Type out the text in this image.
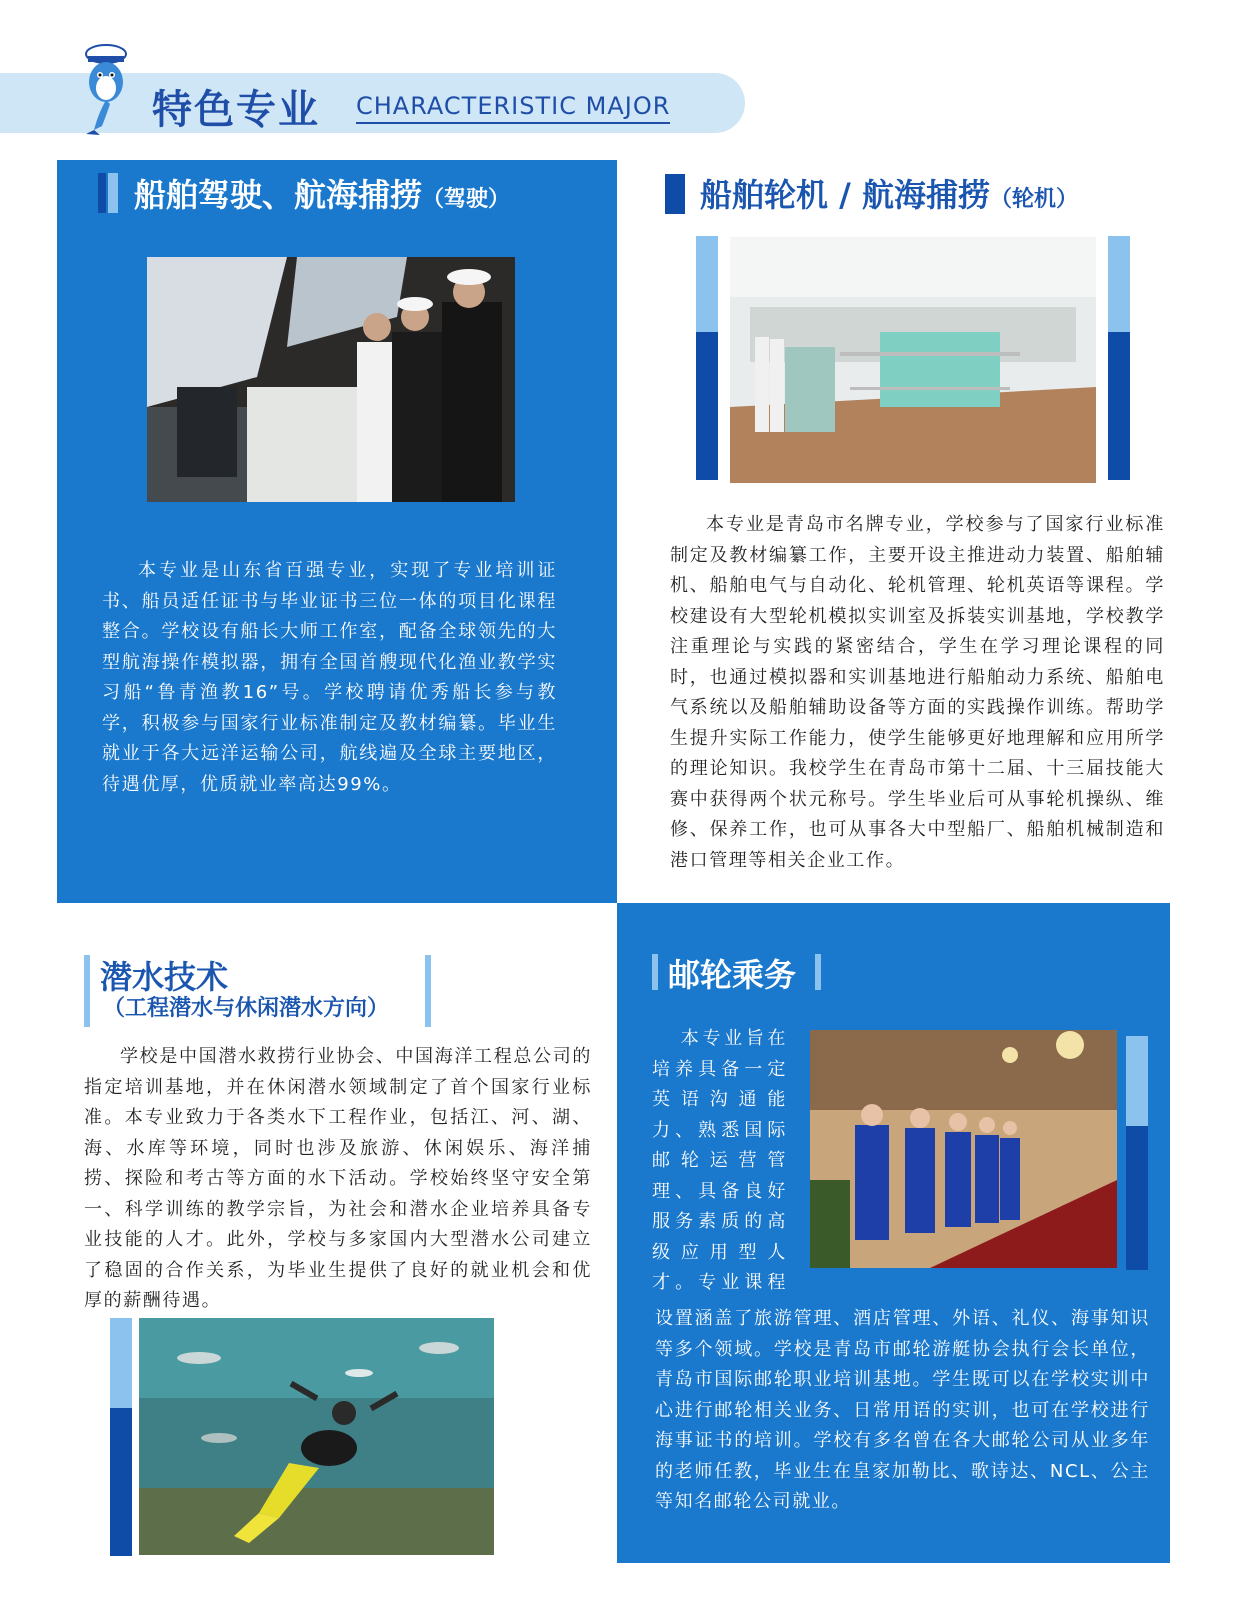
特色专业 CHARACTERISTIC MAJOR
船舶驾驶、航海捕捞（驾驶）

本专业是山东省百强专业，实现了专业培训证书、船员适任证书与毕业证书三位一体的项目化课程整合。学校设有船长大师工作室，配备全球领先的大型航海操作模拟器，拥有全国首艘现代化渔业教学实习船“鲁青渔教16”号。学校聘请优秀船长参与教学，积极参与国家行业标准制定及教材编纂。毕业生就业于各大远洋运输公司，航线遍及全球主要地区，待遇优厚，优质就业率高达99%。

船舶轮机 / 航海捕捞（轮机）

本专业是青岛市名牌专业，学校参与了国家行业标准制定及教材编纂工作，主要开设主推进动力装置、船舶辅机、船舶电气与自动化、轮机管理、轮机英语等课程。学校建设有大型轮机模拟实训室及拆装实训基地，学校教学注重理论与实践的紧密结合，学生在学习理论课程的同时，也通过模拟器和实训基地进行船舶动力系统、船舶电气系统以及船舶辅助设备等方面的实践操作训练。帮助学生提升实际工作能力，使学生能够更好地理解和应用所学的理论知识。我校学生在青岛市第十二届、十三届技能大赛中获得两个状元称号。学生毕业后可从事轮机操纵、维修、保养工作，也可从事各大中型船厂、船舶机械制造和港口管理等相关企业工作。

潜水技术
（工程潜水与休闲潜水方向）

学校是中国潜水救捞行业协会、中国海洋工程总公司的指定培训基地，并在休闲潜水领域制定了首个国家行业标准。本专业致力于各类水下工程作业，包括江、河、湖、海、水库等环境，同时也涉及旅游、休闲娱乐、海洋捕捞、探险和考古等方面的水下活动。学校始终坚守安全第一、科学训练的教学宗旨，为社会和潜水企业培养具备专业技能的人才。此外，学校与多家国内大型潜水公司建立了稳固的合作关系，为毕业生提供了良好的就业机会和优厚的薪酬待遇。

邮轮乘务
本专业旨在
培养具备一定
英语沟通能
力、熟悉国际
邮轮运营管
理、具备良好
服务素质的高
级应用型人
才。专业课程

设置涵盖了旅游管理、酒店管理、外语、礼仪、海事知识等多个领域。学校是青岛市邮轮游艇协会执行会长单位，青岛市国际邮轮职业培训基地。学生既可以在学校实训中心进行邮轮相关业务、日常用语的实训，也可在学校进行海事证书的培训。学校有多名曾在各大邮轮公司从业多年的老师任教，毕业生在皇家加勒比、歌诗达、NCL、公主等知名邮轮公司就业。
